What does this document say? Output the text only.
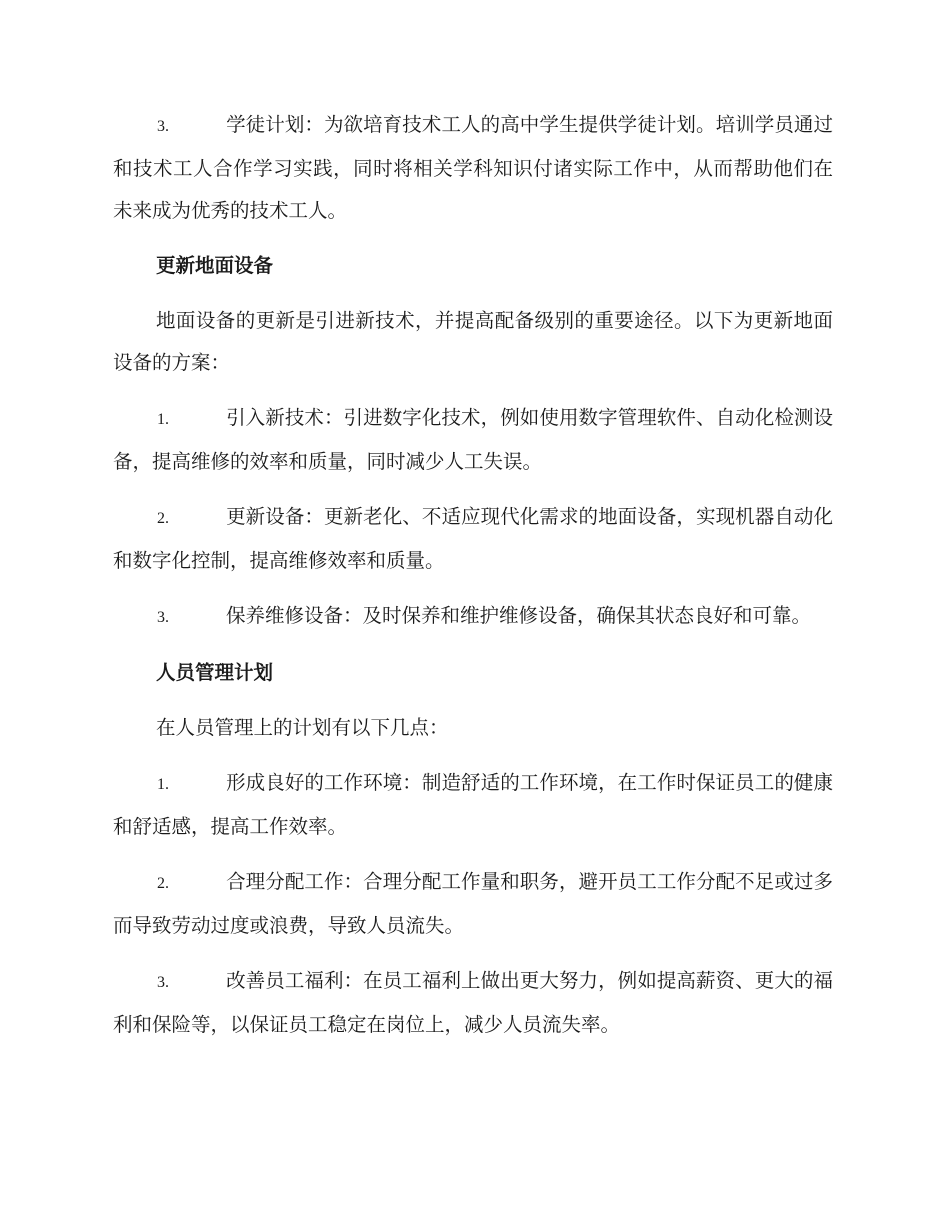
3.	学徒计划：为欲培育技术工人的高中学生提供学徒计划。培训学员通过和技术工人合作学习实践，同时将相关学科知识付诸实际工作中，从而帮助他们在未来成为优秀的技术工人。

更新地面设备

地面设备的更新是引进新技术，并提高配备级别的重要途径。以下为更新地面设备的方案：

1.	引入新技术：引进数字化技术，例如使用数字管理软件、自动化检测设备，提高维修的效率和质量，同时减少人工失误。

2.	更新设备：更新老化、不适应现代化需求的地面设备，实现机器自动化和数字化控制，提高维修效率和质量。

3.	保养维修设备：及时保养和维护维修设备，确保其状态良好和可靠。

人员管理计划

在人员管理上的计划有以下几点：

1.	形成良好的工作环境：制造舒适的工作环境，在工作时保证员工的健康和舒适感，提高工作效率。

2.	合理分配工作：合理分配工作量和职务，避开员工工作分配不足或过多而导致劳动过度或浪费，导致人员流失。

3.	改善员工福利：在员工福利上做出更大努力，例如提高薪资、更大的福利和保险等，以保证员工稳定在岗位上，减少人员流失率。
